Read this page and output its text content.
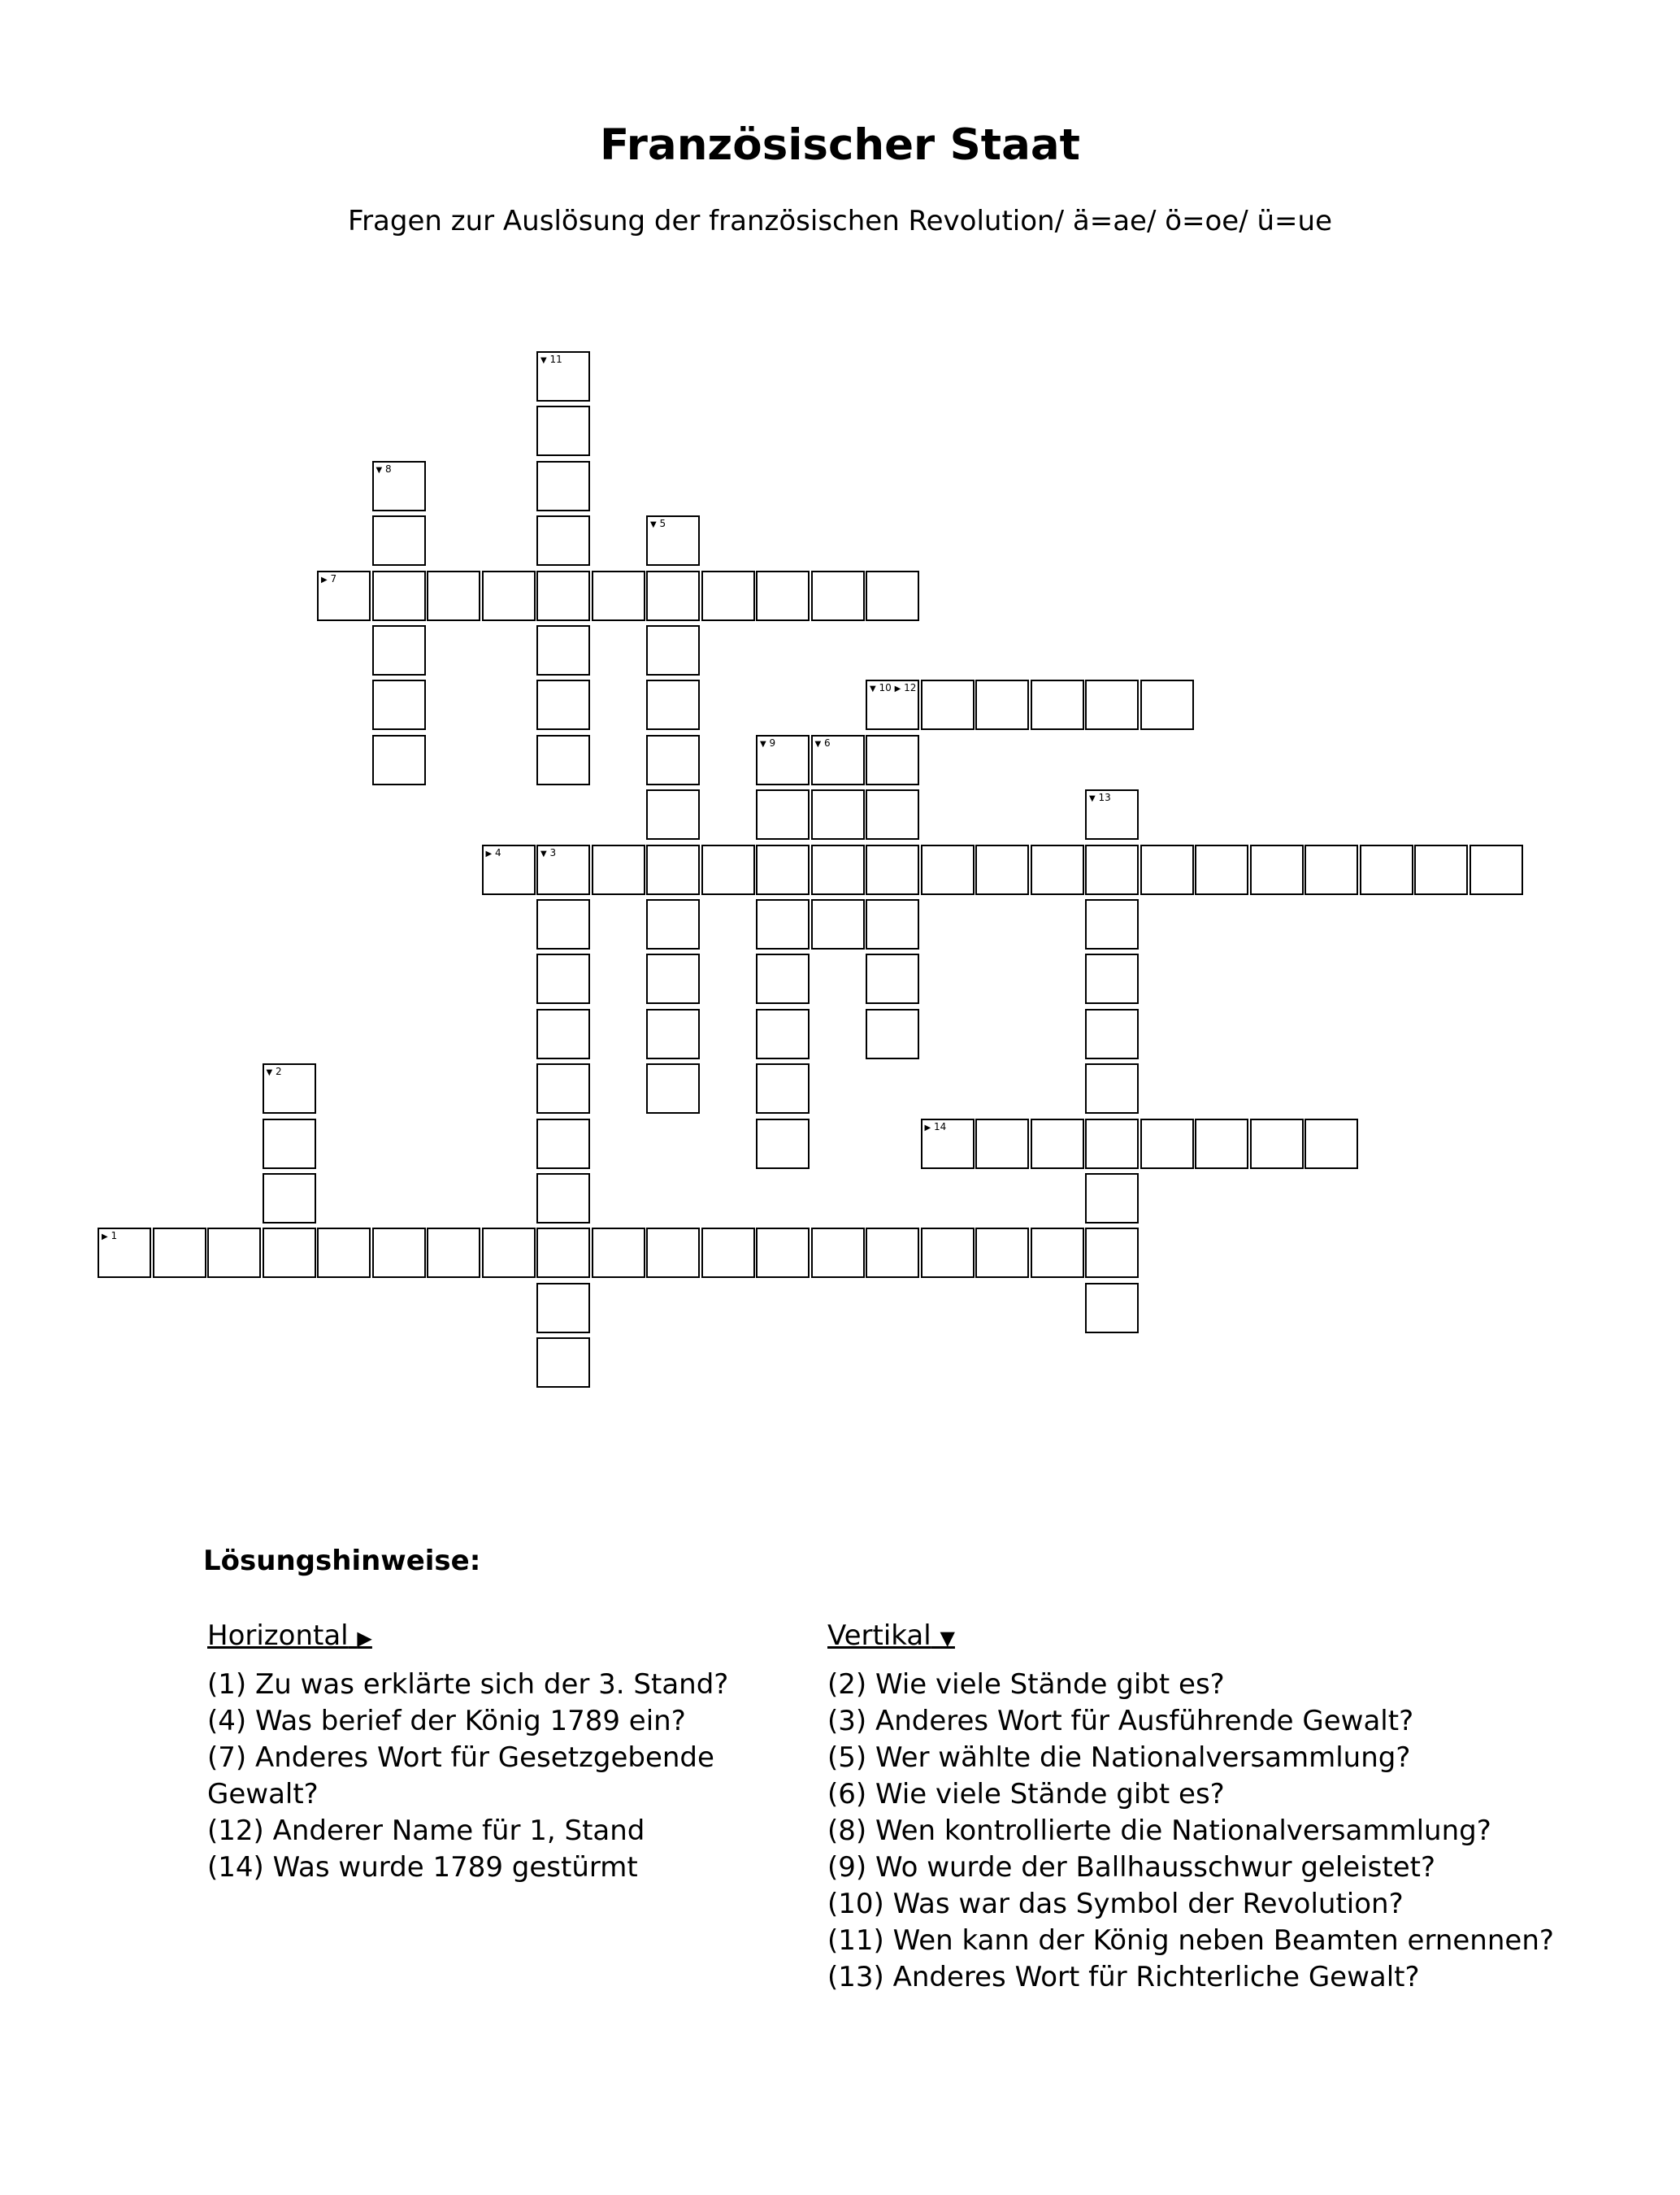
Französischer Staat
Fragen zur Auslösung der französischen Revolution/ ä=ae/ ö=oe/ ü=ue
▶ 7
▼ 10 ▶ 12
▶ 4	▼ 3
▶ 14
▶ 1
▼ 11
▼ 8
▼ 5
▼ 9	▼ 6
▼ 13
▼ 2
Lösungshinweise:
Horizontal ▶
(1) Zu was erklärte sich der 3. Stand?
(4) Was berief der König 1789 ein?
(7) Anderes Wort für Gesetzgebende Gewalt?
(12) Anderer Name für 1, Stand
(14) Was wurde 1789 gestürmt
Vertikal ▼
(2) Wie viele Stände gibt es?
(3) Anderes Wort für Ausführende Gewalt?
(5) Wer wählte die Nationalversammlung?
(6) Wie viele Stände gibt es?
(8) Wen kontrollierte die Nationalversammlung?
(9) Wo wurde der Ballhausschwur geleistet?
(10) Was war das Symbol der Revolution?
(11) Wen kann der König neben Beamten ernennen?
(13) Anderes Wort für Richterliche Gewalt?
